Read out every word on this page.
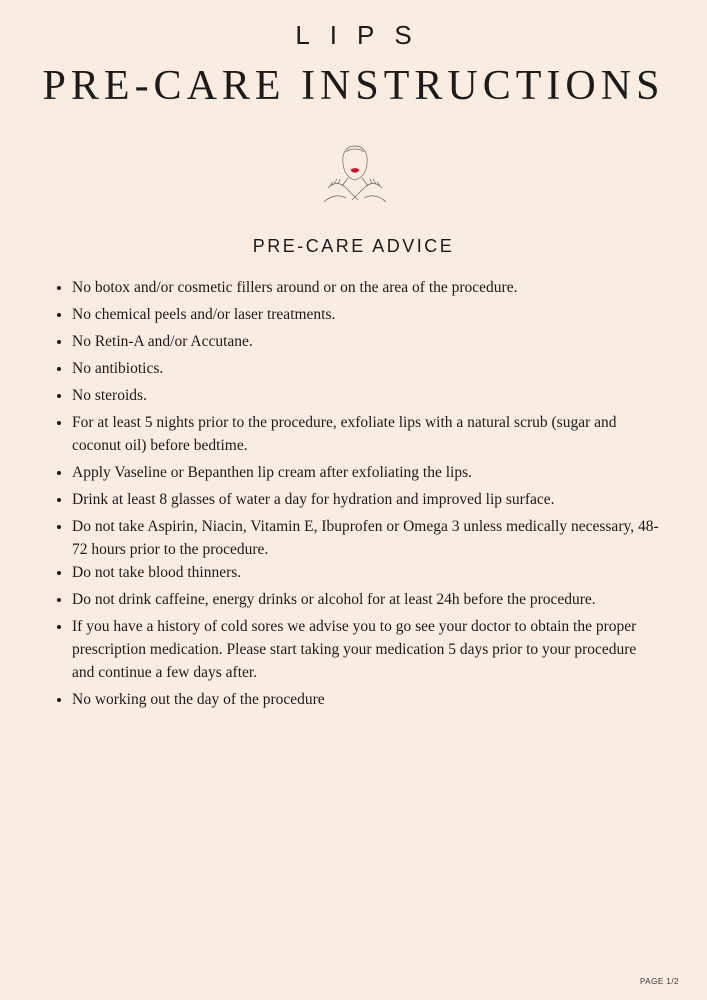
LIPS
PRE-CARE INSTRUCTIONS
PRE-CARE ADVICE
• No botox and/or cosmetic fillers around or on the area of the procedure.
• No chemical peels and/or laser treatments.
• No Retin-A and/or Accutane.
• No antibiotics.
• No steroids.
• For at least 5 nights prior to the procedure, exfoliate lips with a natural scrub (sugar and coconut oil) before bedtime.
• Apply Vaseline or Bepanthen lip cream after exfoliating the lips.
• Drink at least 8 glasses of water a day for hydration and improved lip surface.
• Do not take Aspirin, Niacin, Vitamin E, Ibuprofen or Omega 3 unless medically necessary, 48-72 hours prior to the procedure.
• Do not take blood thinners.
• Do not drink caffeine, energy drinks or alcohol for at least 24h before the procedure.
• If you have a history of cold sores we advise you to go see your doctor to obtain the proper prescription medication. Please start taking your medication 5 days prior to your procedure and continue a few days after.
• No working out the day of the procedure
PAGE 1/2
